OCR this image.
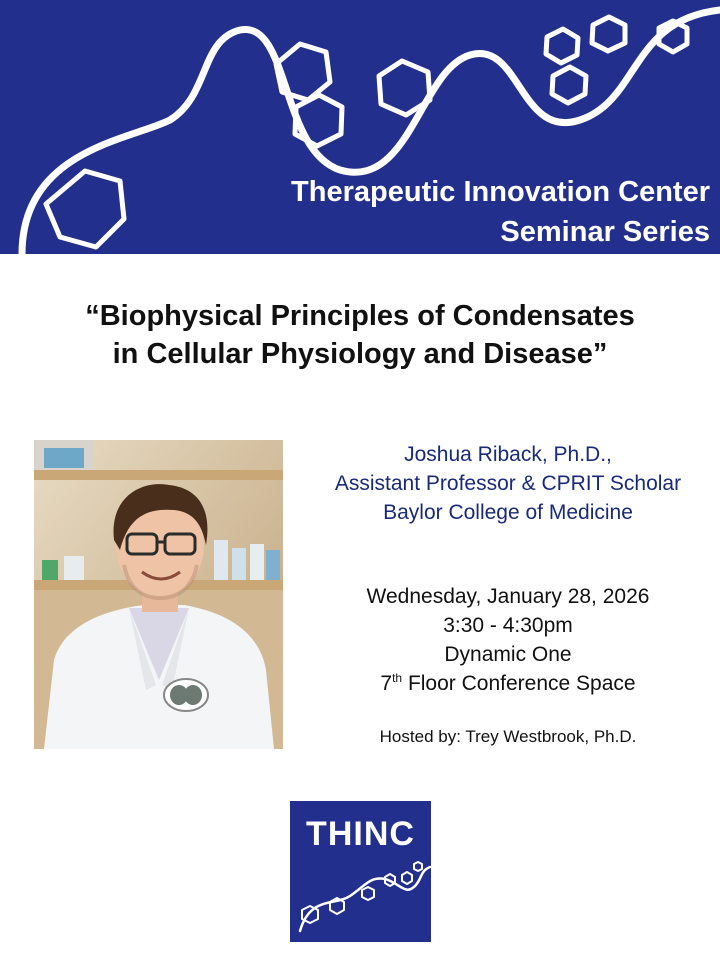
Therapeutic Innovation Center
Seminar Series
“Biophysical Principles of Condensates
in Cellular Physiology and Disease”
Joshua Riback, Ph.D.,
Assistant Professor & CPRIT Scholar
Baylor College of Medicine
Wednesday, January 28, 2026
3:30 - 4:30pm
Dynamic One
7th Floor Conference Space
Hosted by: Trey Westbrook, Ph.D.
THINC
